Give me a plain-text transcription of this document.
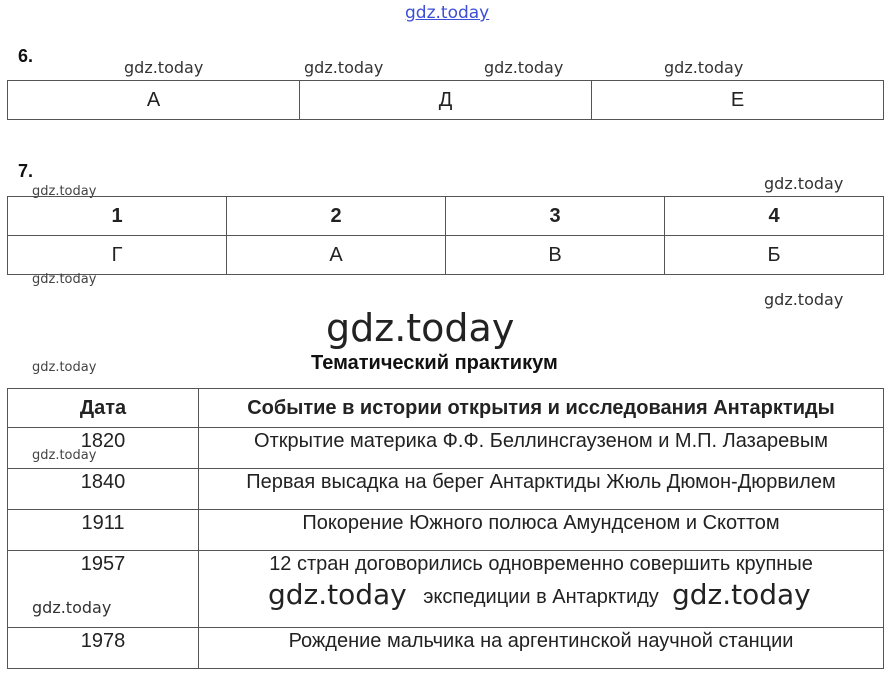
gdz.today
6.
gdz.today	gdz.today	gdz.today	gdz.today
А	Д	Е
7.
gdz.today	gdz.today
1	2	3	4
Г	А	В	Б
gdz.today
gdz.today
gdz.today
Тематический практикум
gdz.today
Дата	Событие в истории открытия и исследования Антарктиды
1820	Открытие материка Ф.Ф. Беллинсгаузеном и М.П. Лазаревым
1840	Первая высадка на берег Антарктиды Жюль Дюмон-Дюрвилем
1911	Покорение Южного полюса Амундсеном и Скоттом
1957	12 стран договорились одновременно совершить крупные
экспедиции в Антарктиду
1978	Рождение мальчика на аргентинской научной станции
gdz.today
gdz.today	gdz.today
gdz.today
